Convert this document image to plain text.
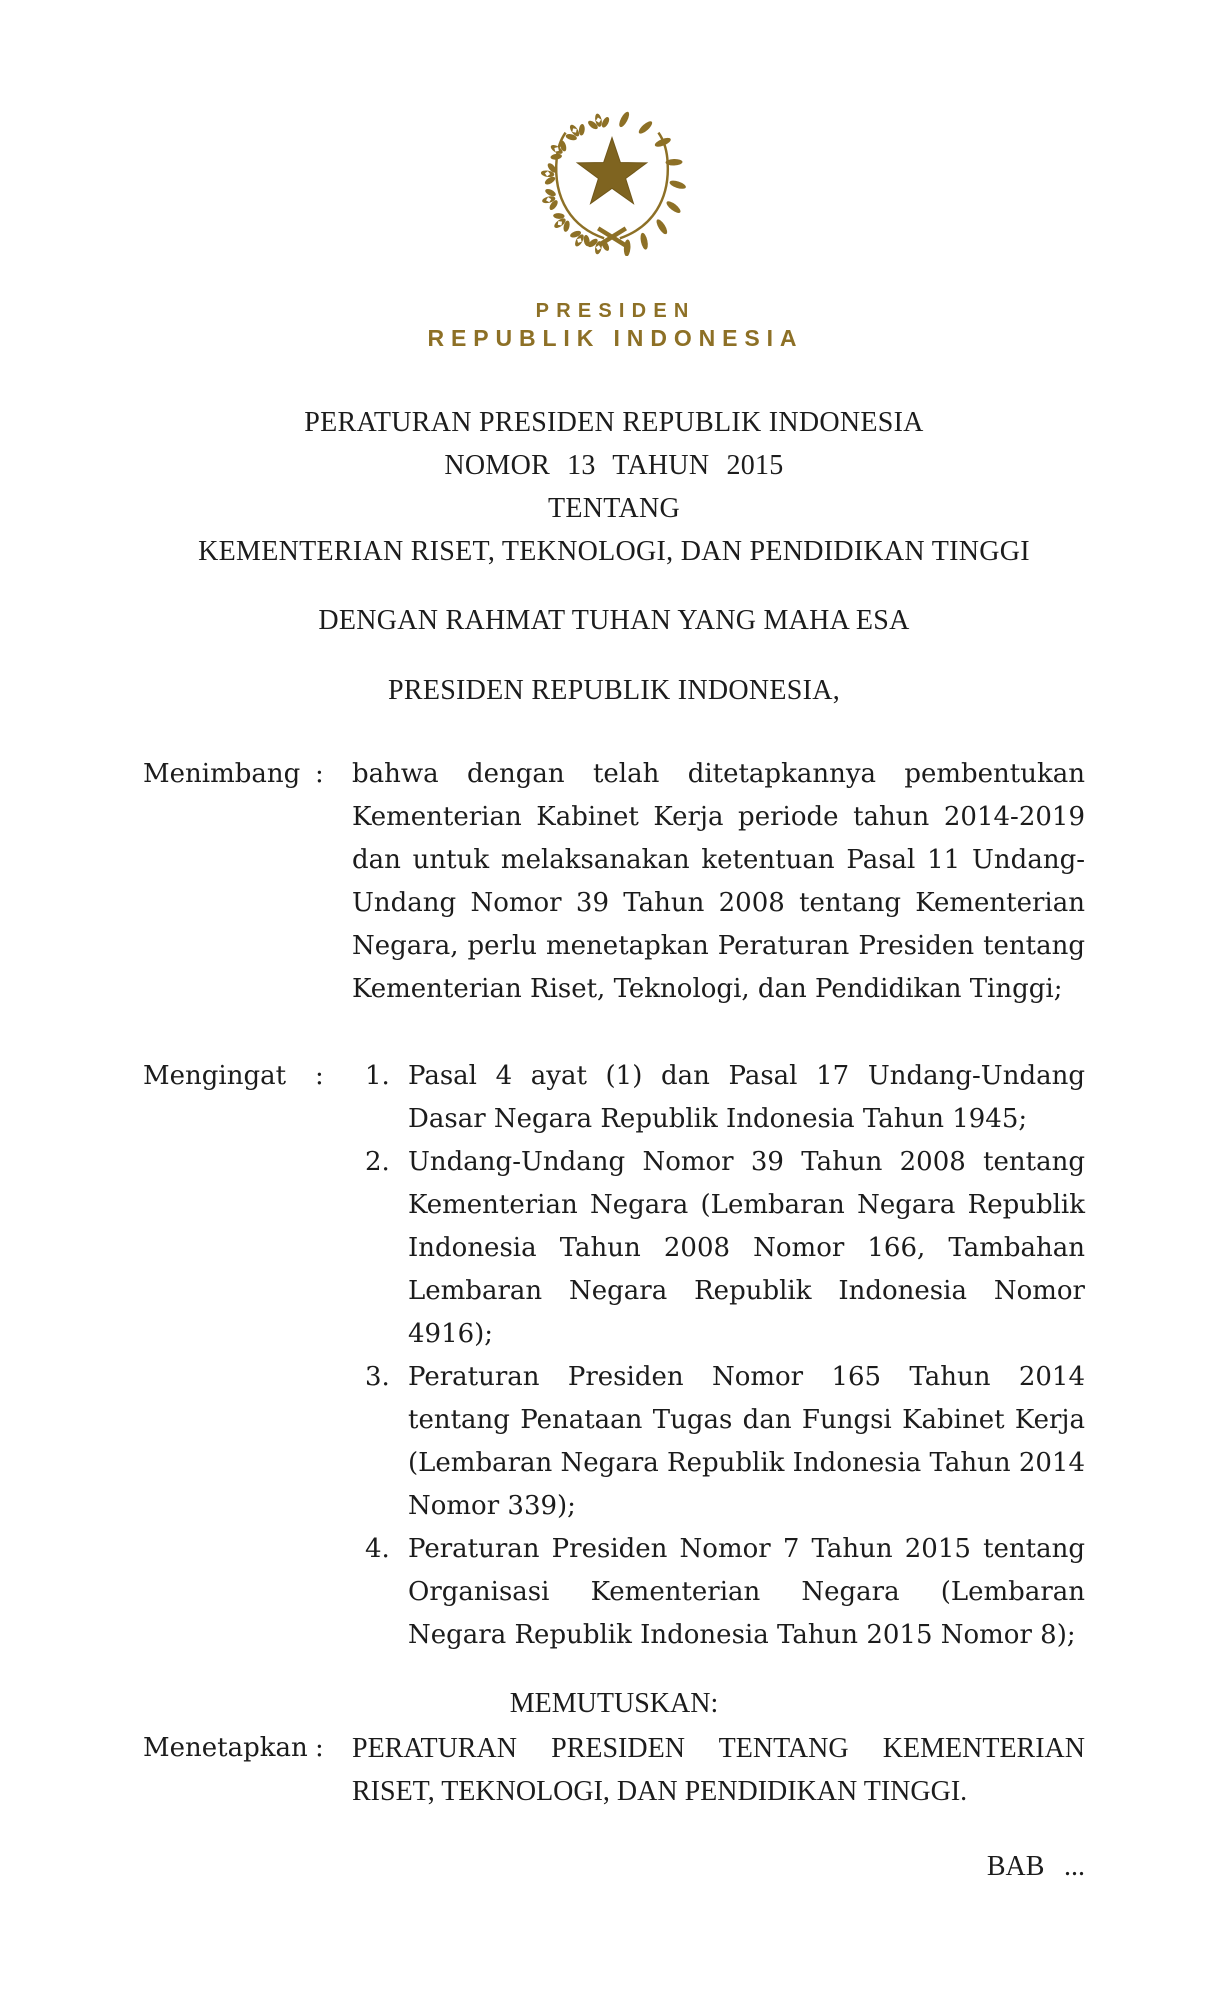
PRESIDEN
REPUBLIK INDONESIA
PERATURAN PRESIDEN REPUBLIK INDONESIA
NOMOR 13 TAHUN 2015
TENTANG
KEMENTERIAN RISET, TEKNOLOGI, DAN PENDIDIKAN TINGGI
DENGAN RAHMAT TUHAN YANG MAHA ESA
PRESIDEN REPUBLIK INDONESIA,
Menimbang :	bahwa dengan telah ditetapkannya pembentukan Kementerian Kabinet Kerja periode tahun 2014-2019 dan untuk melaksanakan ketentuan Pasal 11 Undang-Undang Nomor 39 Tahun 2008 tentang Kementerian Negara, perlu menetapkan Peraturan Presiden tentang Kementerian Riset, Teknologi, dan Pendidikan Tinggi;
Mengingat	:	1. Pasal 4 ayat (1) dan Pasal 17 Undang-Undang Dasar Negara Republik Indonesia Tahun 1945;
2. Undang-Undang Nomor 39 Tahun 2008 tentang Kementerian Negara (Lembaran Negara Republik Indonesia Tahun 2008 Nomor 166, Tambahan Lembaran Negara Republik Indonesia Nomor 4916);
3. Peraturan Presiden Nomor 165 Tahun 2014 tentang Penataan Tugas dan Fungsi Kabinet Kerja (Lembaran Negara Republik Indonesia Tahun 2014 Nomor 339);
4. Peraturan Presiden Nomor 7 Tahun 2015 tentang Organisasi Kementerian Negara (Lembaran Negara Republik Indonesia Tahun 2015 Nomor 8);
MEMUTUSKAN:
Menetapkan :	PERATURAN PRESIDEN TENTANG KEMENTERIAN RISET, TEKNOLOGI, DAN PENDIDIKAN TINGGI.
BAB ...
